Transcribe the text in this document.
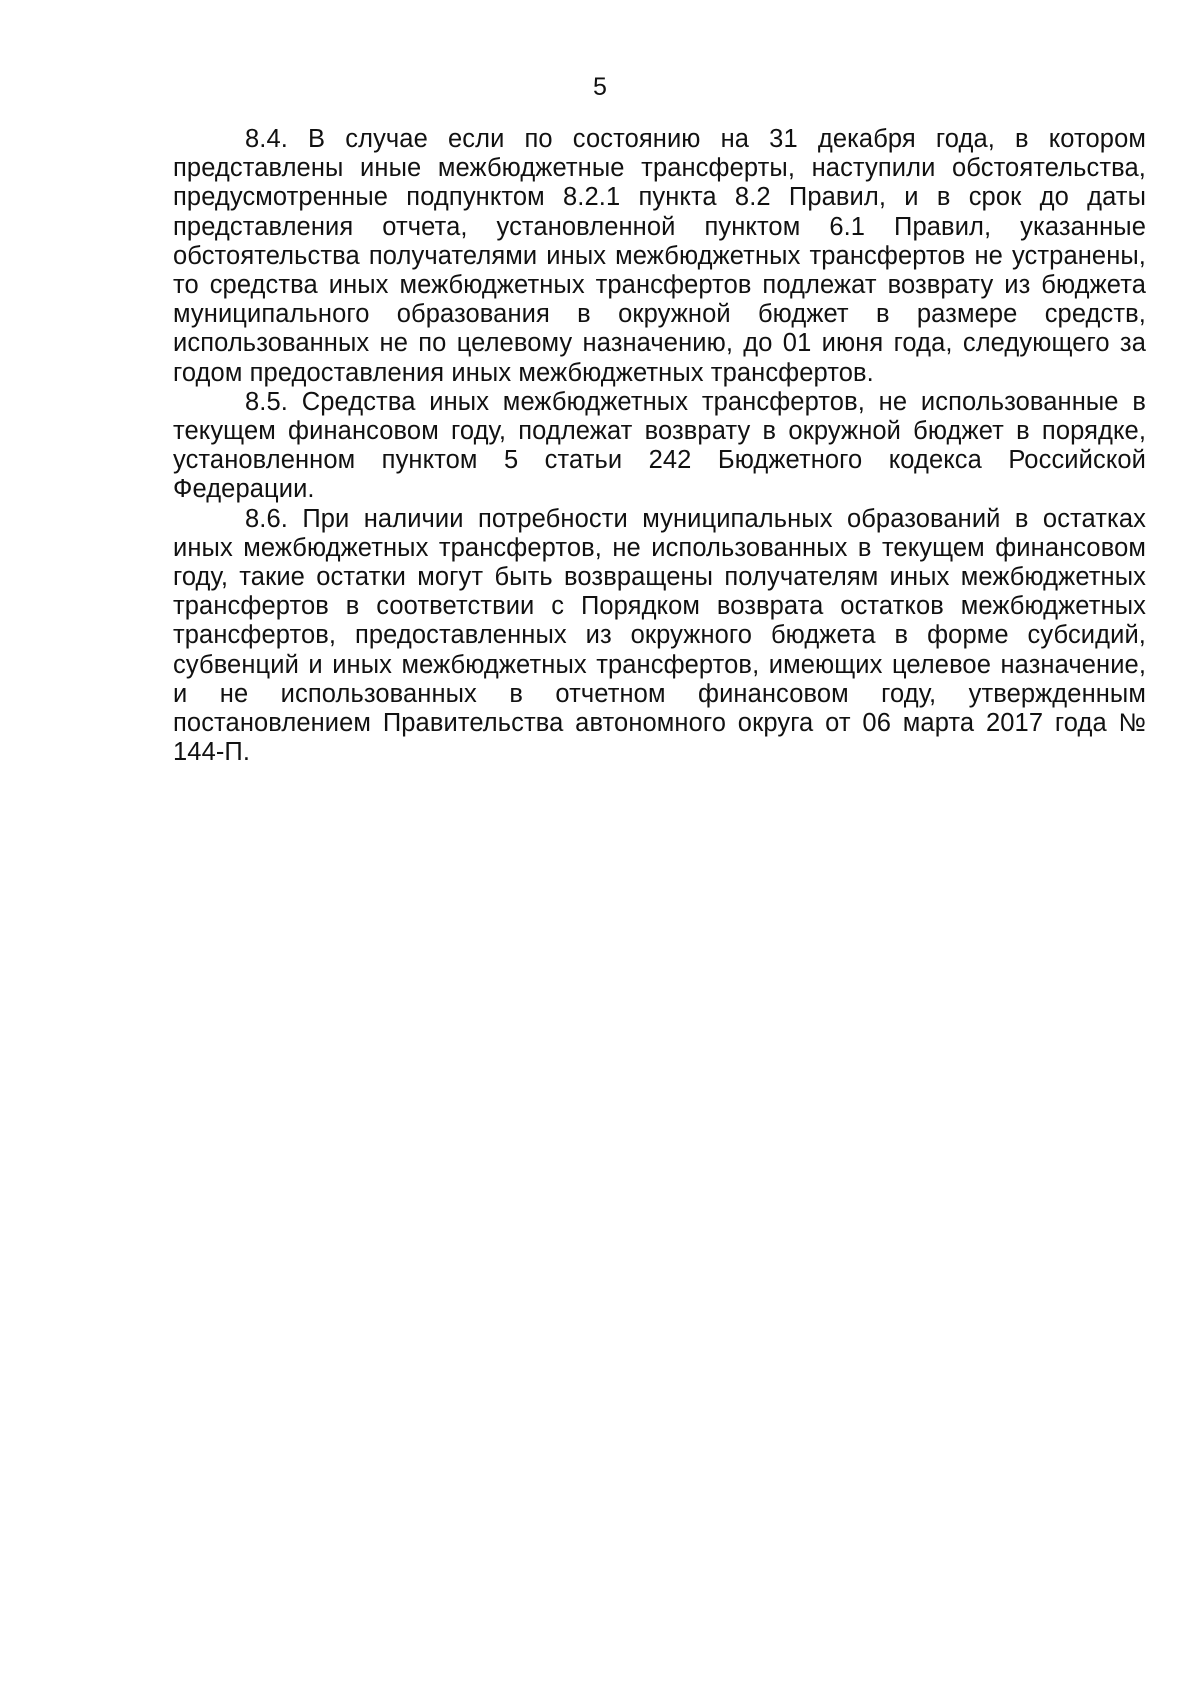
5

8.4. В случае если по состоянию на 31 декабря года, в котором представлены иные межбюджетные трансферты, наступили обстоятельства, предусмотренные подпунктом 8.2.1 пункта 8.2 Правил, и в срок до даты представления отчета, установленной пунктом 6.1 Правил, указанные обстоятельства получателями иных межбюджетных трансфертов не устранены, то средства иных межбюджетных трансфертов подлежат возврату из бюджета муниципального образования в окружной бюджет в размере средств, использованных не по целевому назначению, до 01 июня года, следующего за годом предоставления иных межбюджетных трансфертов.

8.5. Средства иных межбюджетных трансфертов, не использованные в текущем финансовом году, подлежат возврату в окружной бюджет в порядке, установленном пунктом 5 статьи 242 Бюджетного кодекса Российской Федерации.

8.6. При наличии потребности муниципальных образований в остатках иных межбюджетных трансфертов, не использованных в текущем финансовом году, такие остатки могут быть возвращены получателям иных межбюджетных трансфертов в соответствии с Порядком возврата остатков межбюджетных трансфертов, предоставленных из окружного бюджета в форме субсидий, субвенций и иных межбюджетных трансфертов, имеющих целевое назначение, и не использованных в отчетном финансовом году, утвержденным постановлением Правительства автономного округа от 06 марта 2017 года № 144-П.
